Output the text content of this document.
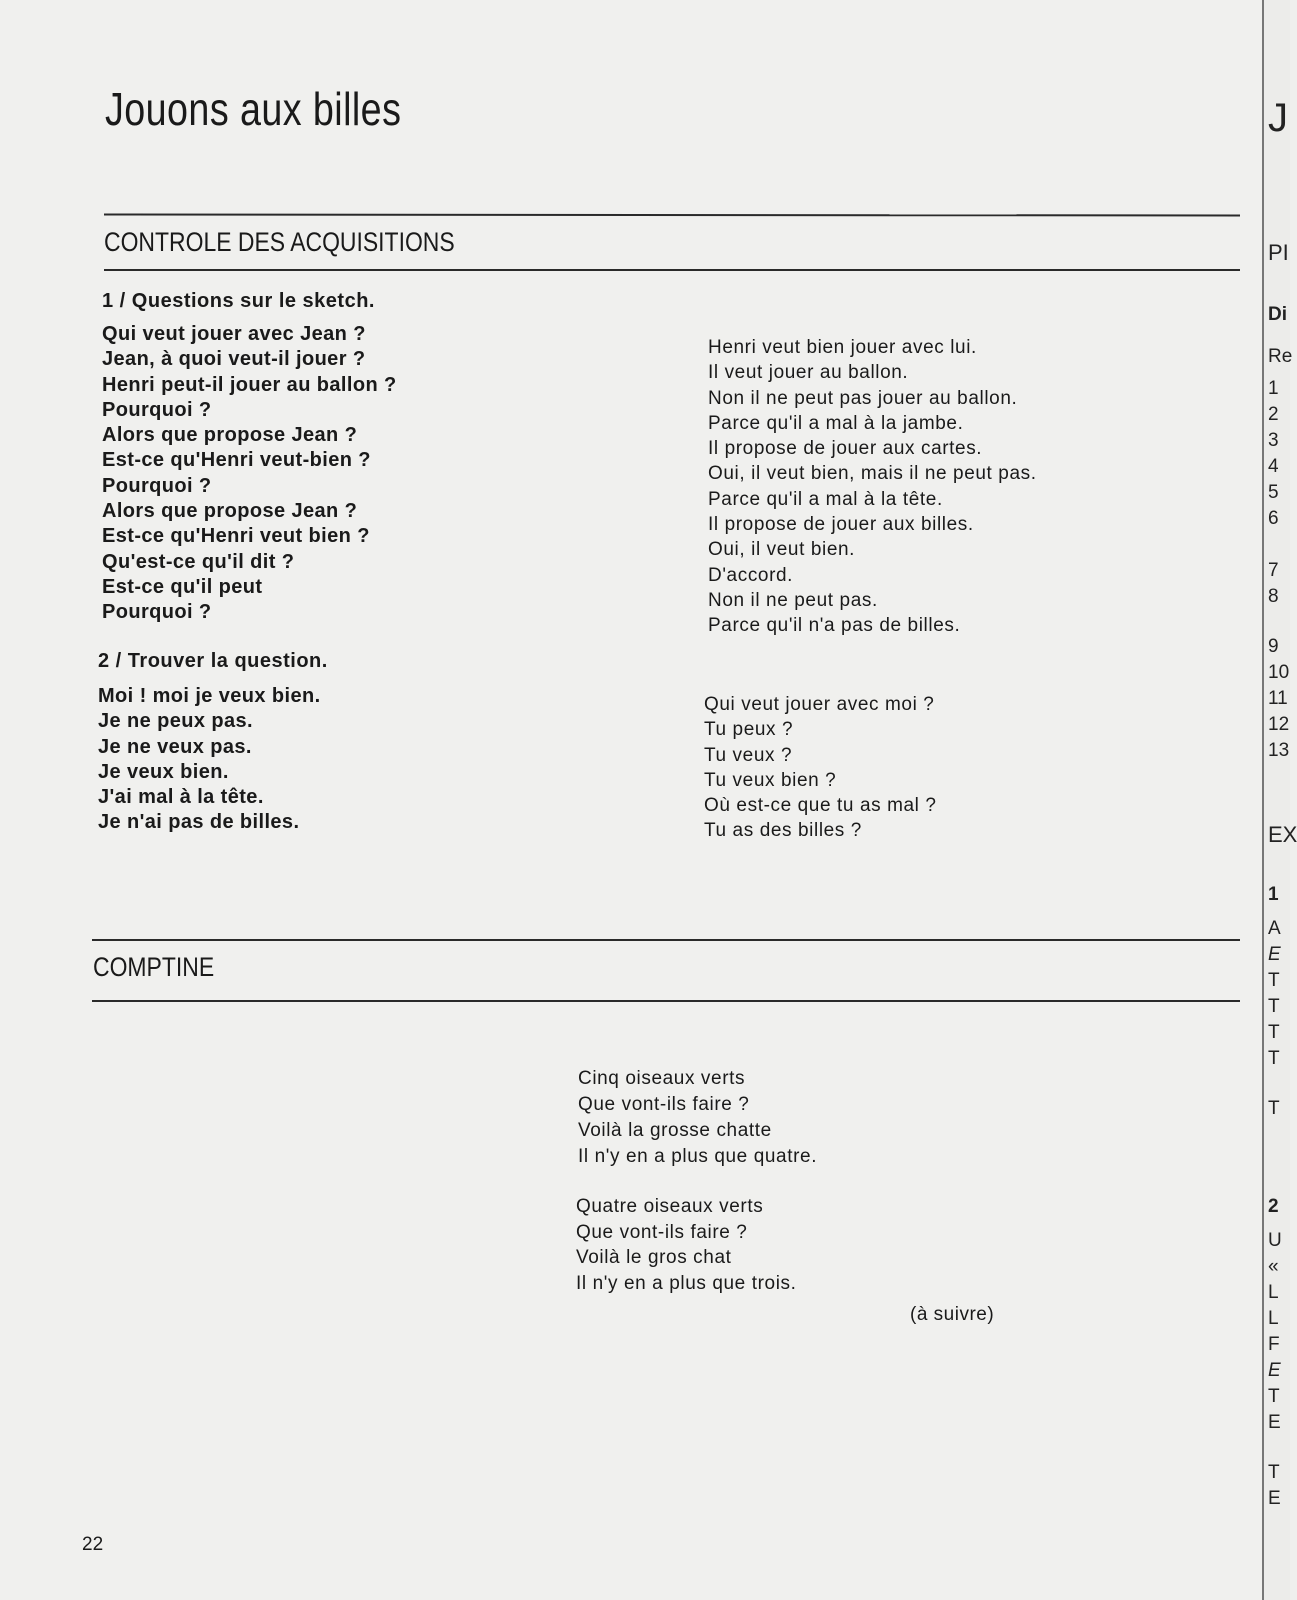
Jouons aux billes
CONTROLE DES ACQUISITIONS
1 / Questions sur le sketch.
Qui veut jouer avec Jean ?
Jean, à quoi veut-il jouer ?
Henri peut-il jouer au ballon ?
Pourquoi ?
Alors que propose Jean ?
Est-ce qu'Henri veut-bien ?
Pourquoi ?
Alors que propose Jean ?
Est-ce qu'Henri veut bien ?
Qu'est-ce qu'il dit ?
Est-ce qu'il peut
Pourquoi ?
Henri veut bien jouer avec lui.
Il veut jouer au ballon.
Non il ne peut pas jouer au ballon.
Parce qu'il a mal à la jambe.
Il propose de jouer aux cartes.
Oui, il veut bien, mais il ne peut pas.
Parce qu'il a mal à la tête.
Il propose de jouer aux billes.
Oui, il veut bien.
D'accord.
Non il ne peut pas.
Parce qu'il n'a pas de billes.
2 / Trouver la question.
Moi ! moi je veux bien.
Je ne peux pas.
Je ne veux pas.
Je veux bien.
J'ai mal à la tête.
Je n'ai pas de billes.
Qui veut jouer avec moi ?
Tu peux ?
Tu veux ?
Tu veux bien ?
Où est-ce que tu as mal ?
Tu as des billes ?
COMPTINE
Cinq oiseaux verts
Que vont-ils faire ?
Voilà la grosse chatte
Il n'y en a plus que quatre.
Quatre oiseaux verts
Que vont-ils faire ?
Voilà le gros chat
Il n'y en a plus que trois.
(à suivre)
22
J
PI
Di
Re
1
2
3
4
5
6
7
8
9
10
11
12
13
EX
1
A
E
T
T
T
T
T
2
U
«
L
L
F
E
T
E
T
E
